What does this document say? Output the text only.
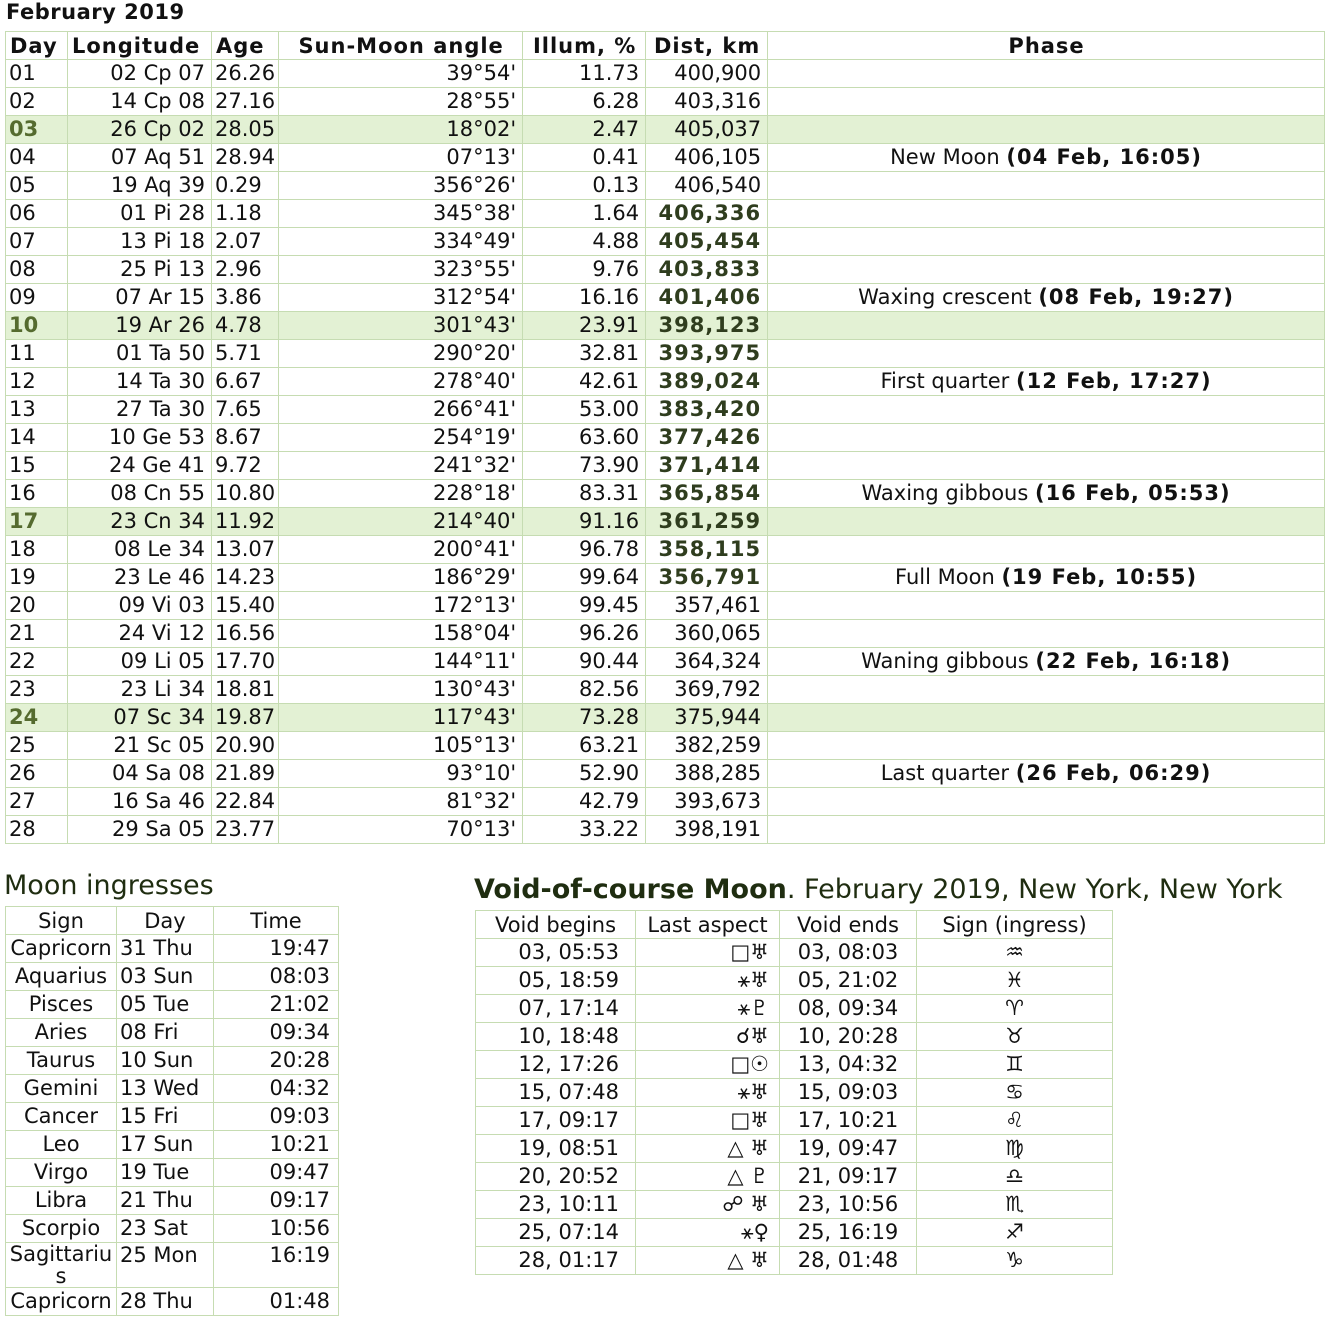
February 2019
Day	Longitude	Age	Sun-Moon angle	Illum, %	Dist, km	Phase
01	02 Cp 07	26.26	39°54'	11.73	400,900	
02	14 Cp 08	27.16	28°55'	6.28	403,316	
03	26 Cp 02	28.05	18°02'	2.47	405,037	
04	07 Aq 51	28.94	07°13'	0.41	406,105	New Moon (04 Feb, 16:05)
05	19 Aq 39	0.29	356°26'	0.13	406,540	
06	01 Pi 28	1.18	345°38'	1.64	406,336	
07	13 Pi 18	2.07	334°49'	4.88	405,454	
08	25 Pi 13	2.96	323°55'	9.76	403,833	
09	07 Ar 15	3.86	312°54'	16.16	401,406	Waxing crescent (08 Feb, 19:27)
10	19 Ar 26	4.78	301°43'	23.91	398,123	
11	01 Ta 50	5.71	290°20'	32.81	393,975	
12	14 Ta 30	6.67	278°40'	42.61	389,024	First quarter (12 Feb, 17:27)
13	27 Ta 30	7.65	266°41'	53.00	383,420	
14	10 Ge 53	8.67	254°19'	63.60	377,426	
15	24 Ge 41	9.72	241°32'	73.90	371,414	
16	08 Cn 55	10.80	228°18'	83.31	365,854	Waxing gibbous (16 Feb, 05:53)
17	23 Cn 34	11.92	214°40'	91.16	361,259	
18	08 Le 34	13.07	200°41'	96.78	358,115	
19	23 Le 46	14.23	186°29'	99.64	356,791	Full Moon (19 Feb, 10:55)
20	09 Vi 03	15.40	172°13'	99.45	357,461	
21	24 Vi 12	16.56	158°04'	96.26	360,065	
22	09 Li 05	17.70	144°11'	90.44	364,324	Waning gibbous (22 Feb, 16:18)
23	23 Li 34	18.81	130°43'	82.56	369,792	
24	07 Sc 34	19.87	117°43'	73.28	375,944	
25	21 Sc 05	20.90	105°13'	63.21	382,259	
26	04 Sa 08	21.89	93°10'	52.90	388,285	Last quarter (26 Feb, 06:29)
27	16 Sa 46	22.84	81°32'	42.79	393,673	
28	29 Sa 05	23.77	70°13'	33.22	398,191	
Moon ingresses
Sign	Day	Time
Capricorn	31 Thu	19:47
Aquarius	03 Sun	08:03
Pisces	05 Tue	21:02
Aries	08 Fri	09:34
Taurus	10 Sun	20:28
Gemini	13 Wed	04:32
Cancer	15 Fri	09:03
Leo	17 Sun	10:21
Virgo	19 Tue	09:47
Libra	21 Thu	09:17
Scorpio	23 Sat	10:56
Sagittarius	25 Mon	16:19
Capricorn	28 Thu	01:48
Void-of-course Moon. February 2019, New York, New York
Void begins	Last aspect	Void ends	Sign (ingress)
03, 05:53	□♅	03, 08:03	♒
05, 18:59	⚹♅	05, 21:02	♓
07, 17:14	⚹♇	08, 09:34	♈
10, 18:48	☌♅	10, 20:28	♉
12, 17:26	□☉	13, 04:32	♊
15, 07:48	⚹♅	15, 09:03	♋
17, 09:17	□♅	17, 10:21	♌
19, 08:51	△ ♅	19, 09:47	♍
20, 20:52	△ ♇	21, 09:17	♎
23, 10:11	☍ ♅	23, 10:56	♏
25, 07:14	⚹♀	25, 16:19	♐
28, 01:17	△ ♅	28, 01:48	♑
